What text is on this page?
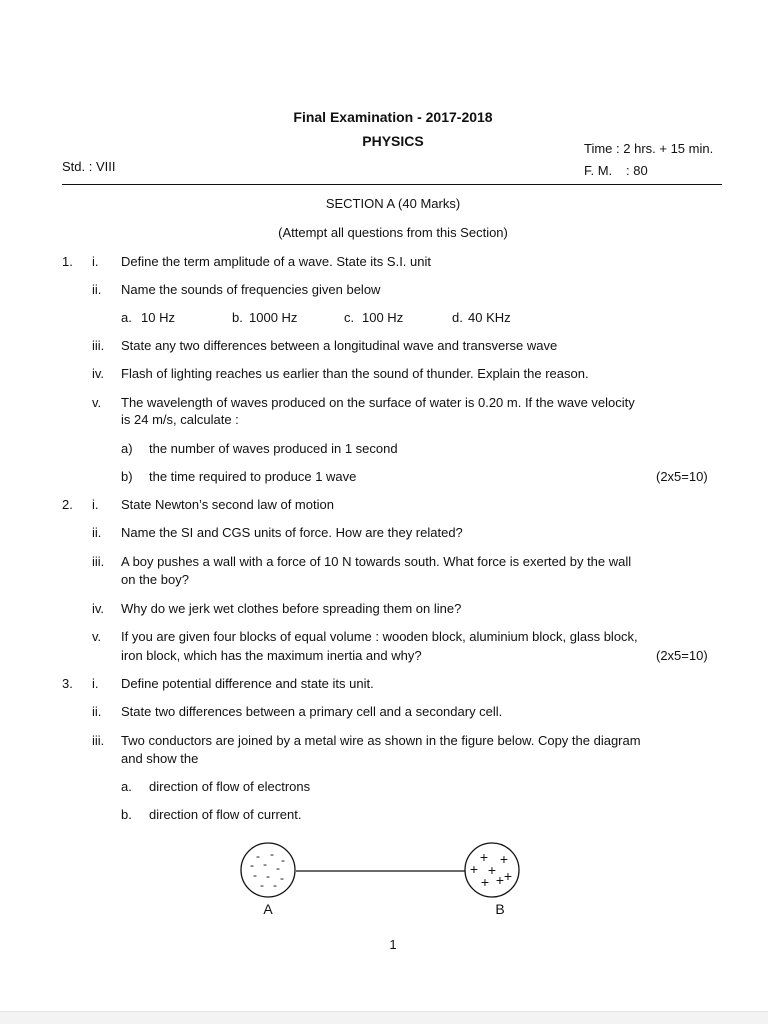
Final Examination - 2017-2018
PHYSICS
Std. : VIII
Time : 2 hrs. + 15 min.
F. M. : 80
SECTION A (40 Marks)
(Attempt all questions from this Section)
1. i. Define the term amplitude of a wave. State its S.I. unit
ii. Name the sounds of frequencies given below
a. 10 Hz	b. 1000 Hz	c. 100 Hz	d. 40 KHz
iii. State any two differences between a longitudinal wave and transverse wave
iv. Flash of lighting reaches us earlier than the sound of thunder. Explain the reason.
v. The wavelength of waves produced on the surface of water is 0.20 m. If the wave velocity
is 24 m/s, calculate :
a) the number of waves produced in 1 second
b) the time required to produce 1 wave	(2x5=10)
2. i. State Newton’s second law of motion
ii. Name the SI and CGS units of force. How are they related?
iii. A boy pushes a wall with a force of 10 N towards south. What force is exerted by the wall
on the boy?
iv. Why do we jerk wet clothes before spreading them on line?
v. If you are given four blocks of equal volume : wooden block, aluminium block, glass block,
iron block, which has the maximum inertia and why?	(2x5=10)
3. i. Define potential difference and state its unit.
ii. State two differences between a primary cell and a secondary cell.
iii. Two conductors are joined by a metal wire as shown in the figure below. Copy the diagram
and show the
a. direction of flow of electrons
b. direction of flow of current.
- - -
- - -
- - -
- -
+ +
+ + +
+ +
A	B
1
